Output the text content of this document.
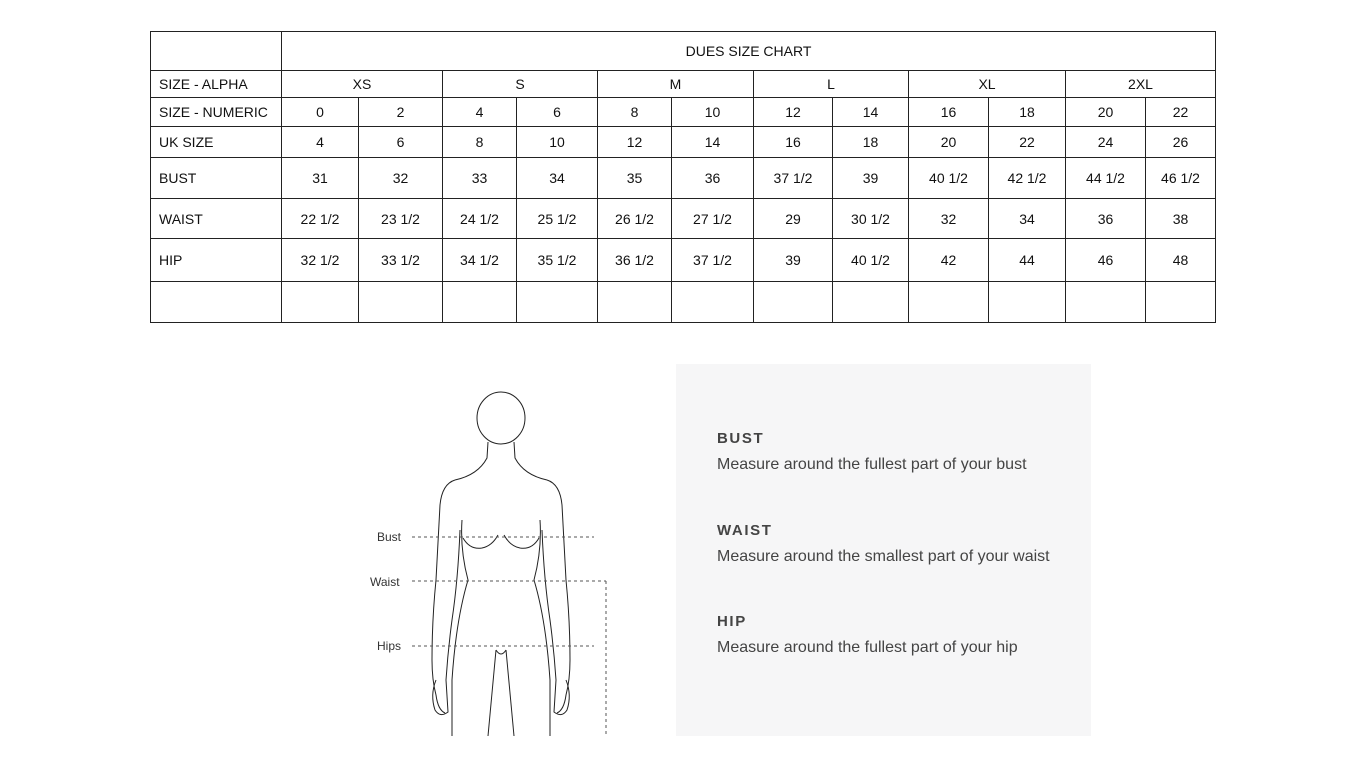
	DUES SIZE CHART											
SIZE - ALPHA	XS		S		M		L		XL		2XL	
SIZE - NUMERIC	0	2	4	6	8	10	12	14	16	18	20	22
UK SIZE	4	6	8	10	12	14	16	18	20	22	24	26
BUST	31	32	33	34	35	36	37 1/2	39	40 1/2	42 1/2	44 1/2	46 1/2
WAIST	22 1/2	23 1/2	24 1/2	25 1/2	26 1/2	27 1/2	29	30 1/2	32	34	36	38
HIP	32 1/2	33 1/2	34 1/2	35 1/2	36 1/2	37 1/2	39	40 1/2	42	44	46	48

Bust
Waist
Hips
BUST

Measure around the fullest part of your bust

WAIST

Measure around the smallest part of your waist

HIP

Measure around the fullest part of your hip
